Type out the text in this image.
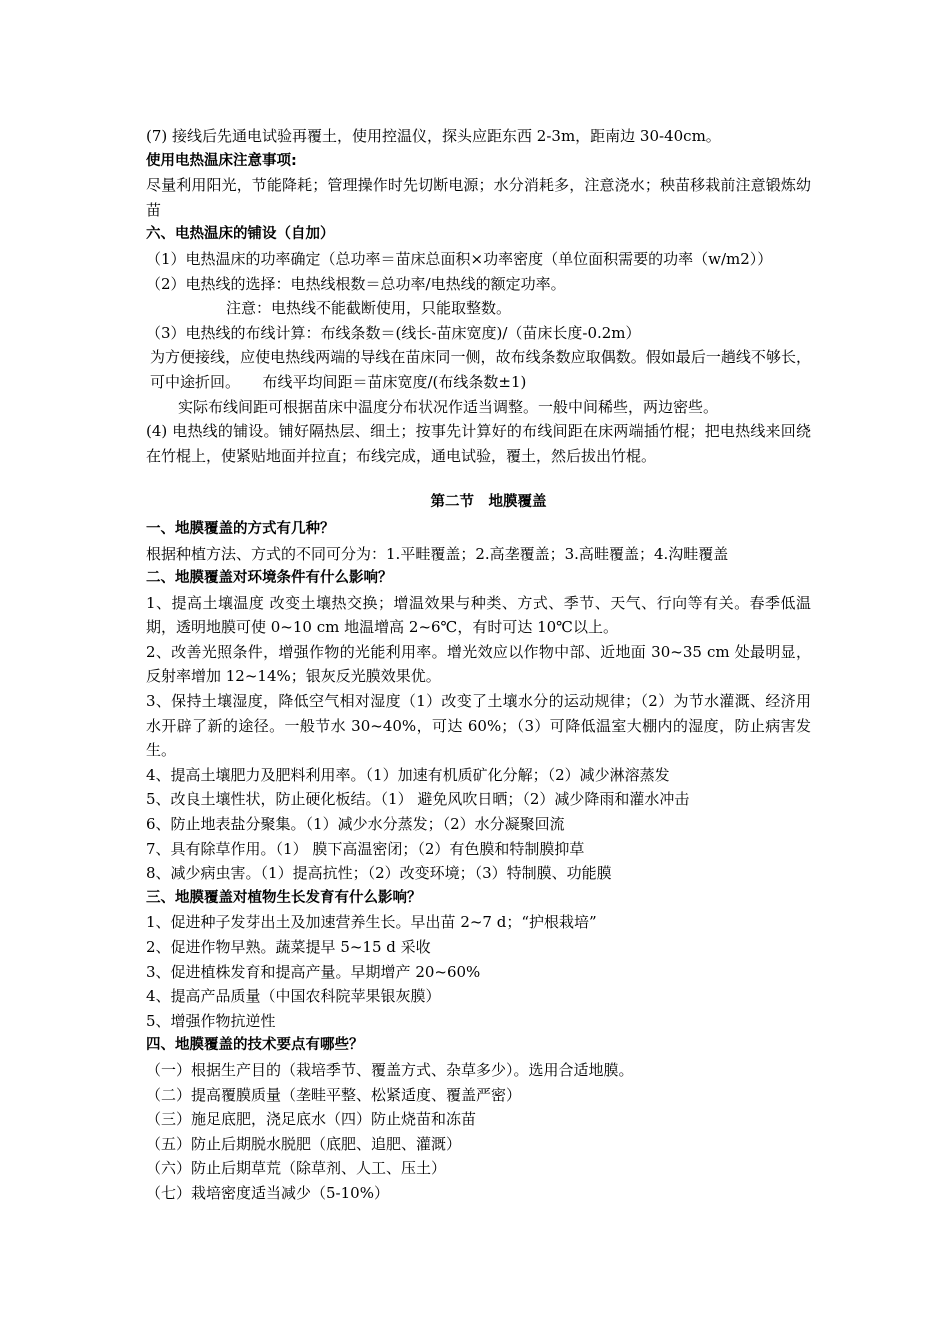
(7) 接线后先通电试验再覆土，使用控温仪，探头应距东西 2-3m，距南边 30-40cm。

使用电热温床注意事项:

尽量利用阳光，节能降耗；管理操作时先切断电源；水分消耗多，注意浇水；秧苗移栽前注意锻炼幼苗

六、电热温床的铺设（自加）

（1）电热温床的功率确定（总功率＝苗床总面积×功率密度（单位面积需要的功率（w/m2））

（2）电热线的选择：电热线根数＝总功率/电热线的额定功率。

注意：电热线不能截断使用，只能取整数。

（3）电热线的布线计算：布线条数＝(线长-苗床宽度)/（苗床长度-0.2m）

为方便接线，应使电热线两端的导线在苗床同一侧，故布线条数应取偶数。假如最后一趟线不够长，可中途折回。　　布线平均间距＝苗床宽度/(布线条数±1)

实际布线间距可根据苗床中温度分布状况作适当调整。一般中间稀些，两边密些。

(4) 电热线的铺设。铺好隔热层、细土；按事先计算好的布线间距在床两端插竹棍；把电热线来回绕在竹棍上，使紧贴地面并拉直；布线完成，通电试验，覆土，然后拔出竹棍。

第二节　地膜覆盖

一、地膜覆盖的方式有几种？

根据种植方法、方式的不同可分为：1.平畦覆盖；2.高垄覆盖；3.高畦覆盖；4.沟畦覆盖

二、地膜覆盖对环境条件有什么影响？

1、提高土壤温度 改变土壤热交换；增温效果与种类、方式、季节、天气、行向等有关。春季低温期，透明地膜可使 0~10 cm 地温增高 2~6℃，有时可达 10℃以上。

2、改善光照条件，增强作物的光能利用率。增光效应以作物中部、近地面 30~35 cm 处最明显，反射率增加 12~14%；银灰反光膜效果优。

3、保持土壤湿度，降低空气相对湿度（1）改变了土壤水分的运动规律；（2）为节水灌溉、经济用水开辟了新的途径。一般节水 30~40%，可达 60%；（3）可降低温室大棚内的湿度，防止病害发生。

4、提高土壤肥力及肥料利用率。（1）加速有机质矿化分解；（2）减少淋溶蒸发

5、改良土壤性状，防止硬化板结。（1） 避免风吹日晒；（2）减少降雨和灌水冲击

6、防止地表盐分聚集。（1）减少水分蒸发；（2）水分凝聚回流

7、具有除草作用。（1） 膜下高温密闭；（2）有色膜和特制膜抑草

8、减少病虫害。（1）提高抗性；（2）改变环境；（3）特制膜、功能膜

三、地膜覆盖对植物生长发育有什么影响？

1、促进种子发芽出土及加速营养生长。早出苗 2~7 d；“护根栽培”

2、促进作物早熟。蔬菜提早 5~15 d 采收

3、促进植株发育和提高产量。早期增产 20~60%

4、提高产品质量（中国农科院苹果银灰膜）

5、增强作物抗逆性

四、地膜覆盖的技术要点有哪些？

（一）根据生产目的（栽培季节、覆盖方式、杂草多少）。选用合适地膜。

（二）提高覆膜质量（垄畦平整、松紧适度、覆盖严密）

（三）施足底肥，浇足底水（四）防止烧苗和冻苗

（五）防止后期脱水脱肥（底肥、追肥、灌溉）

（六）防止后期草荒（除草剂、人工、压土）

（七）栽培密度适当减少（5-10%）
